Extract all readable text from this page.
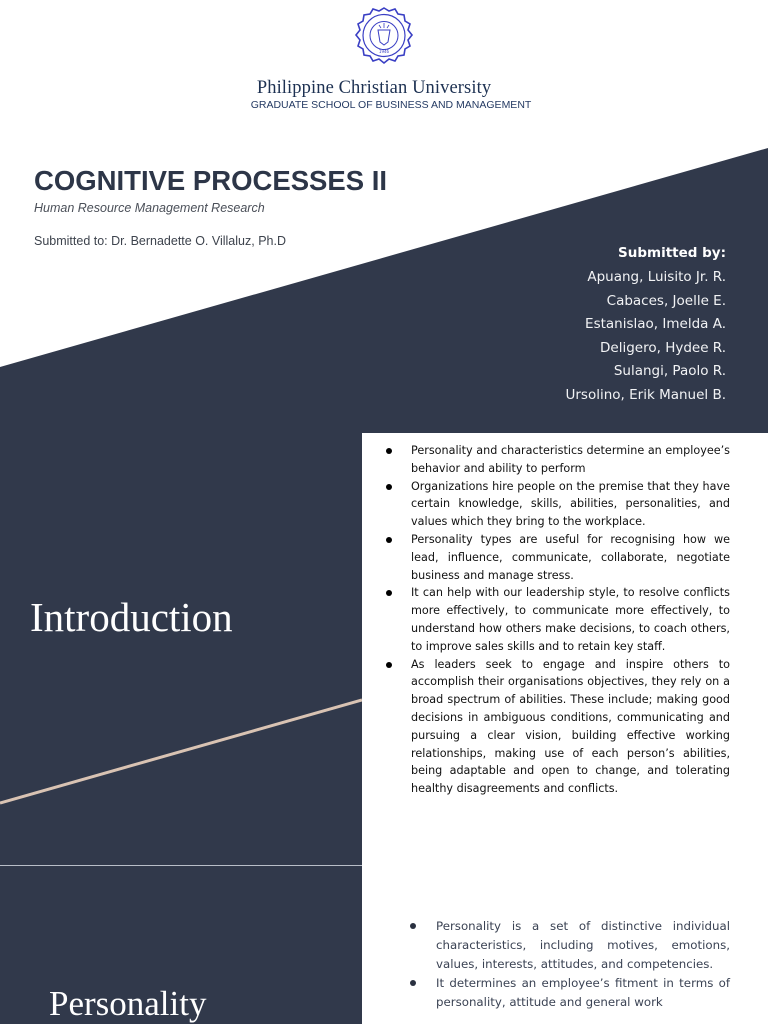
1946
Philippine Christian University
GRADUATE SCHOOL OF BUSINESS AND MANAGEMENT
COGNITIVE PROCESSES II
Human Resource Management Research
Submitted to: Dr. Bernadette O. Villaluz, Ph.D
Submitted by:
Apuang, Luisito Jr. R.
Cabaces, Joelle E.
Estanislao, Imelda A.
Deligero, Hydee R.
Sulangi, Paolo R.
Ursolino, Erik Manuel B.
Introduction
Personality and characteristics determine an employee’s behavior and ability to perform
Organizations hire people on the premise that they have certain knowledge, skills, abilities, personalities, and values which they bring to the workplace.
Personality types are useful for recognising how we lead, influence, communicate, collaborate, negotiate business and manage stress.
It can help with our leadership style, to resolve conflicts more effectively, to communicate more effectively, to understand how others make decisions, to coach others, to improve sales skills and to retain key staff.
As leaders seek to engage and inspire others to accomplish their organisations objectives, they rely on a broad spectrum of abilities. These include; making good decisions in ambiguous conditions, communicating and pursuing a clear vision, building effective working relationships, making use of each person’s abilities, being adaptable and open to change, and tolerating healthy disagreements and conflicts.
Personality
Personality is a set of distinctive individual characteristics, including motives, emotions, values, interests, attitudes, and competencies.
It determines an employee’s fitment in terms of personality, attitude and general work
